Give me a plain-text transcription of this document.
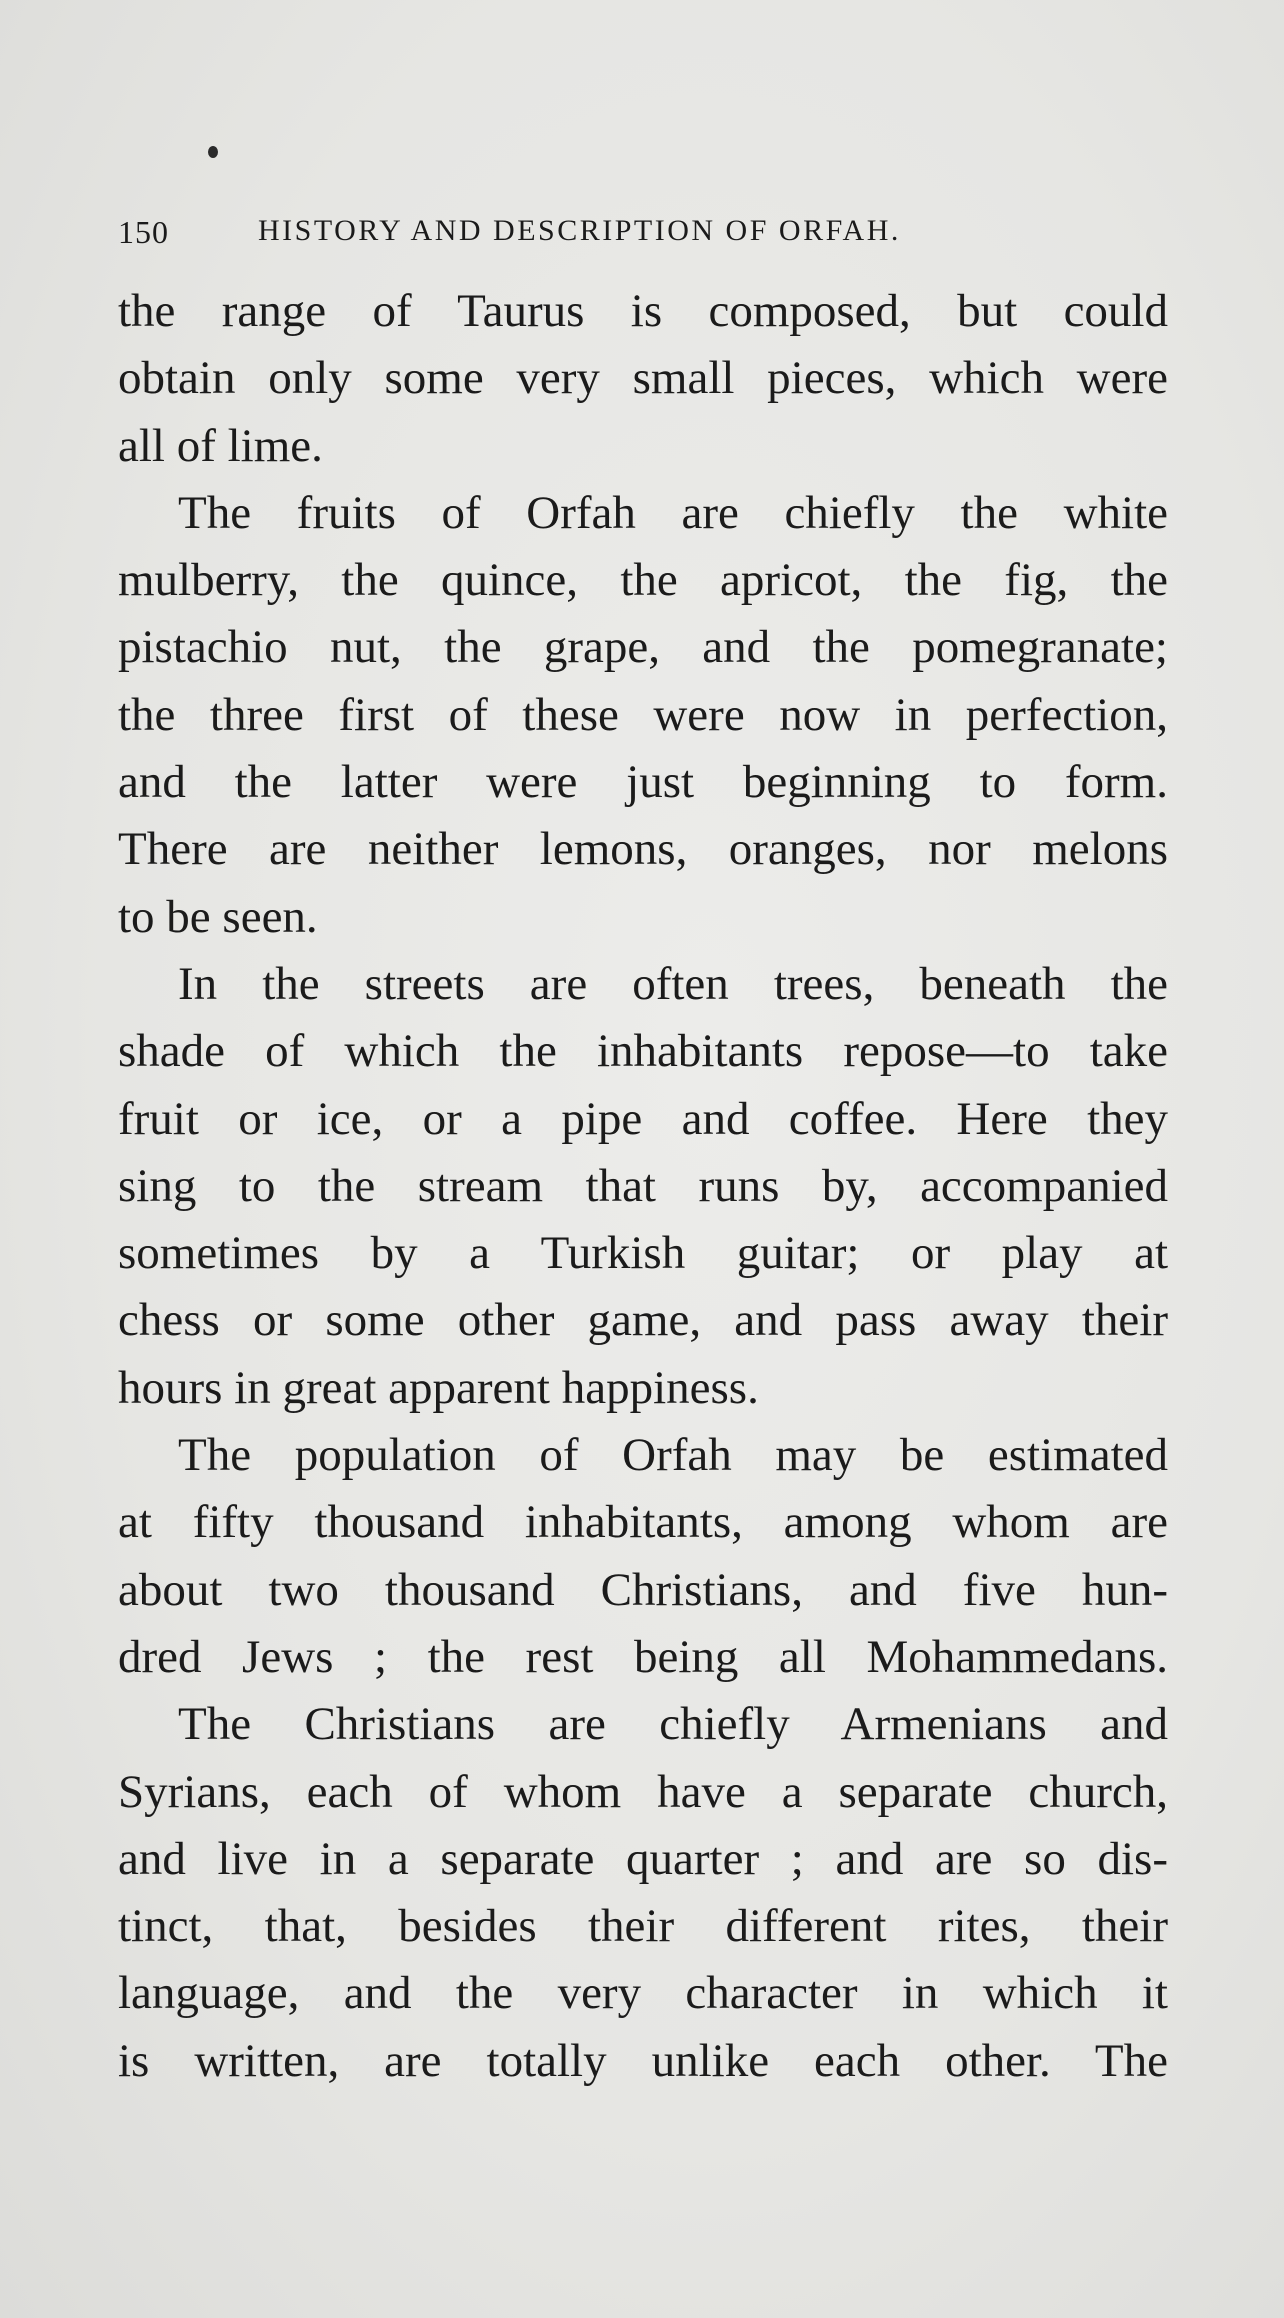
150	HISTORY AND DESCRIPTION OF ORFAH.
the range of Taurus is composed, but could
obtain only some very small pieces, which were
all of lime.
The fruits of Orfah are chiefly the white
mulberry, the quince, the apricot, the fig, the
pistachio nut, the grape, and the pomegranate;
the three first of these were now in perfection,
and the latter were just beginning to form.
There are neither lemons, oranges, nor melons
to be seen.
In the streets are often trees, beneath the
shade of which the inhabitants repose—to take
fruit or ice, or a pipe and coffee. Here they
sing to the stream that runs by, accompanied
sometimes by a Turkish guitar; or play at
chess or some other game, and pass away their
hours in great apparent happiness.
The population of Orfah may be estimated
at fifty thousand inhabitants, among whom are
about two thousand Christians, and five hun-
dred Jews ; the rest being all Mohammedans.
The Christians are chiefly Armenians and
Syrians, each of whom have a separate church,
and live in a separate quarter ; and are so dis-
tinct, that, besides their different rites, their
language, and the very character in which it
is written, are totally unlike each other. The
